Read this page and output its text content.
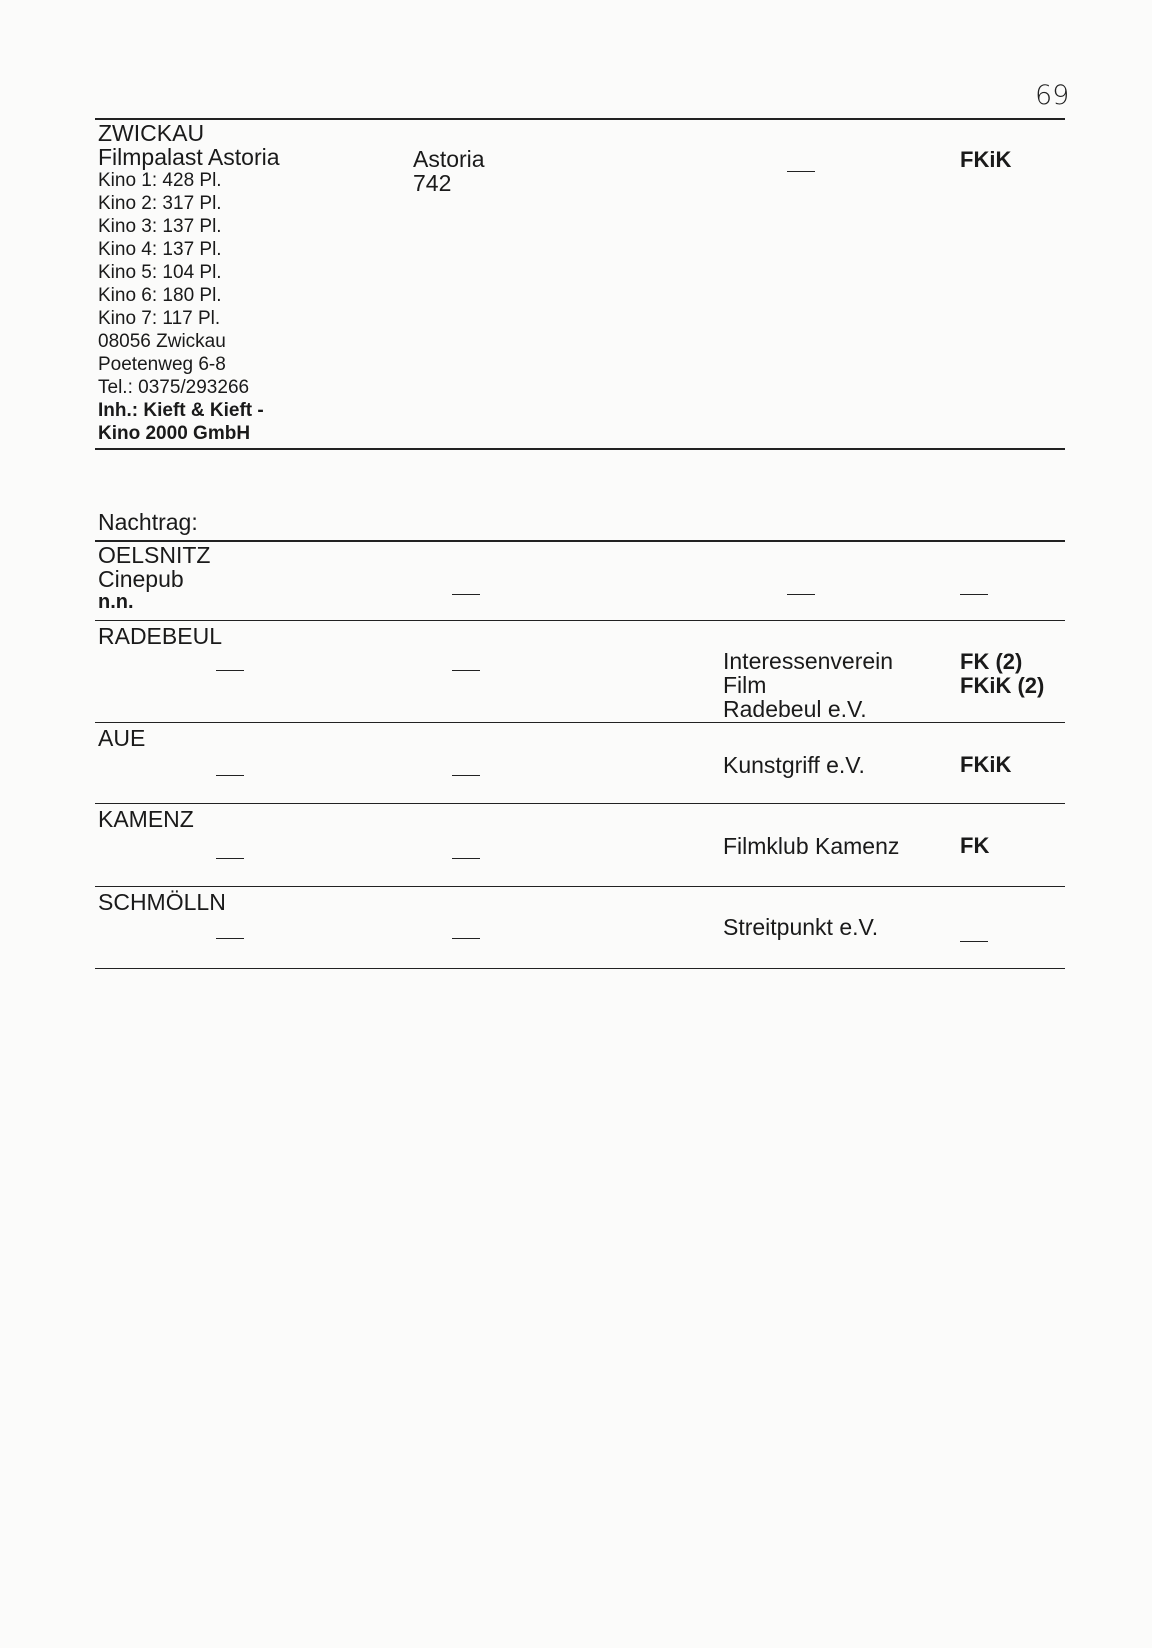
69
ZWICKAU
Filmpalast Astoria
Kino 1: 428 Pl.
Kino 2: 317 Pl.
Kino 3: 137 Pl.
Kino 4: 137 Pl.
Kino 5: 104 Pl.
Kino 6: 180 Pl.
Kino 7: 117 Pl.
08056 Zwickau
Poetenweg 6-8
Tel.: 0375/293266
Inh.: Kieft & Kieft -
Kino 2000 GmbH
Astoria
742
FKiK
Nachtrag:
OELSNITZ
Cinepub
n.n.
RADEBEUL
Interessenverein
Film
Radebeul e.V.
FK (2)
FKiK (2)
AUE
Kunstgriff e.V.	FKiK
KAMENZ
Filmklub Kamenz	FK
SCHMÖLLN
Streitpunkt e.V.
